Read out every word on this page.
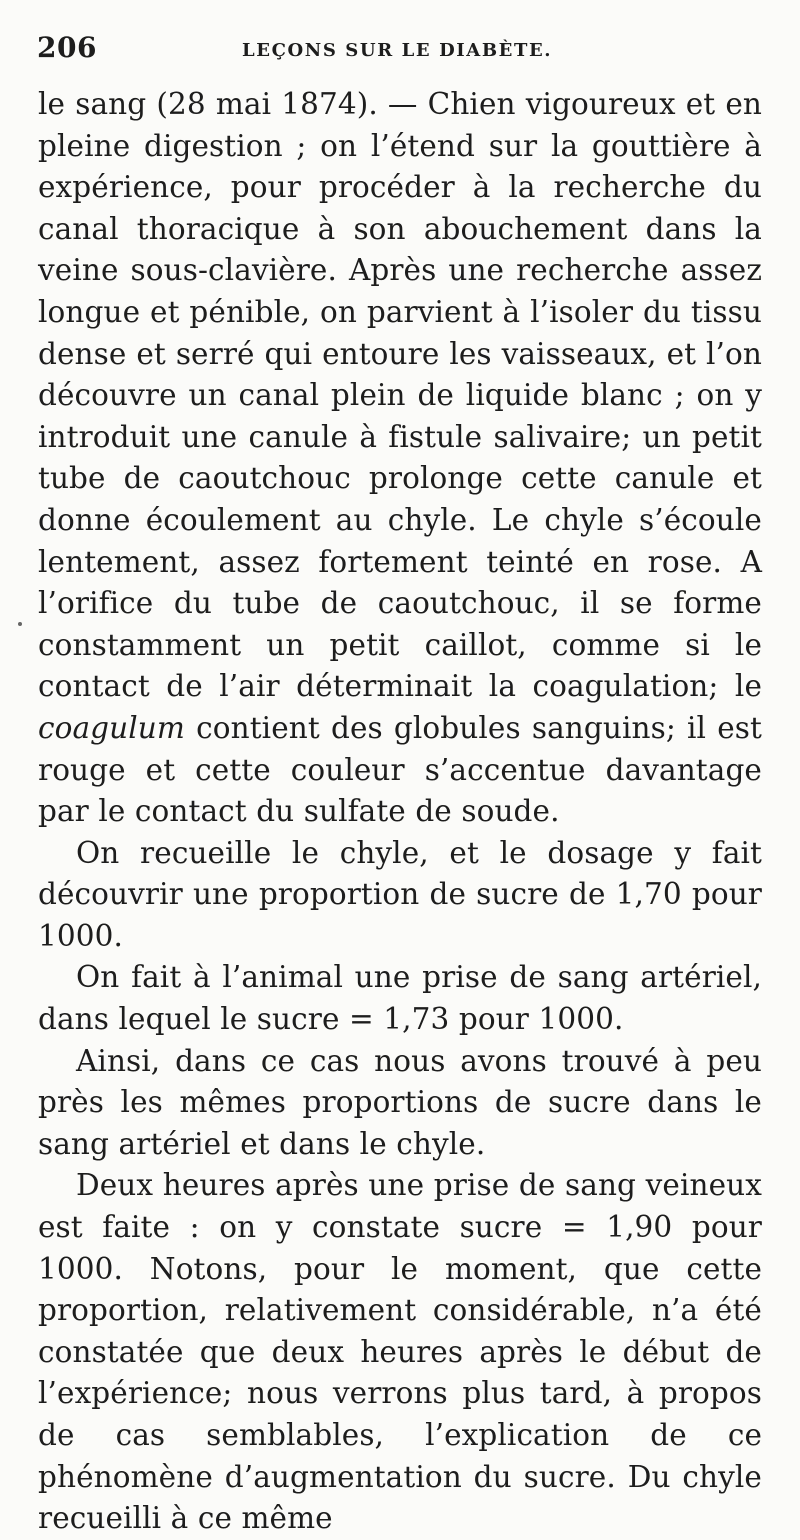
206	LEÇONS SUR LE DIABÈTE.

le sang (28 mai 1874). — Chien vigoureux et en pleine digestion ; on l’étend sur la gouttière à expérience, pour procéder à la recherche du canal thoracique à son abouchement dans la veine sous-clavière. Après une recherche assez longue et pénible, on parvient à l’isoler du tissu dense et serré qui entoure les vaisseaux, et l’on découvre un canal plein de liquide blanc ; on y introduit une canule à fistule salivaire; un petit tube de caoutchouc prolonge cette canule et donne écoulement au chyle. Le chyle s’écoule lentement, assez fortement teinté en rose. A l’orifice du tube de caoutchouc, il se forme constamment un petit caillot, comme si le contact de l’air déterminait la coagulation; le coagulum contient des globules sanguins; il est rouge et cette couleur s’accentue davantage par le contact du sulfate de soude.

On recueille le chyle, et le dosage y fait découvrir une proportion de sucre de 1,70 pour 1000.

On fait à l’animal une prise de sang artériel, dans lequel le sucre = 1,73 pour 1000.

Ainsi, dans ce cas nous avons trouvé à peu près les mêmes proportions de sucre dans le sang artériel et dans le chyle.

Deux heures après une prise de sang veineux est faite : on y constate sucre = 1,90 pour 1000. Notons, pour le moment, que cette proportion, relativement considérable, n’a été constatée que deux heures après le début de l’expérience; nous verrons plus tard, à propos de cas semblables, l’explication de ce phénomène d’augmentation du sucre. Du chyle recueilli à ce même
